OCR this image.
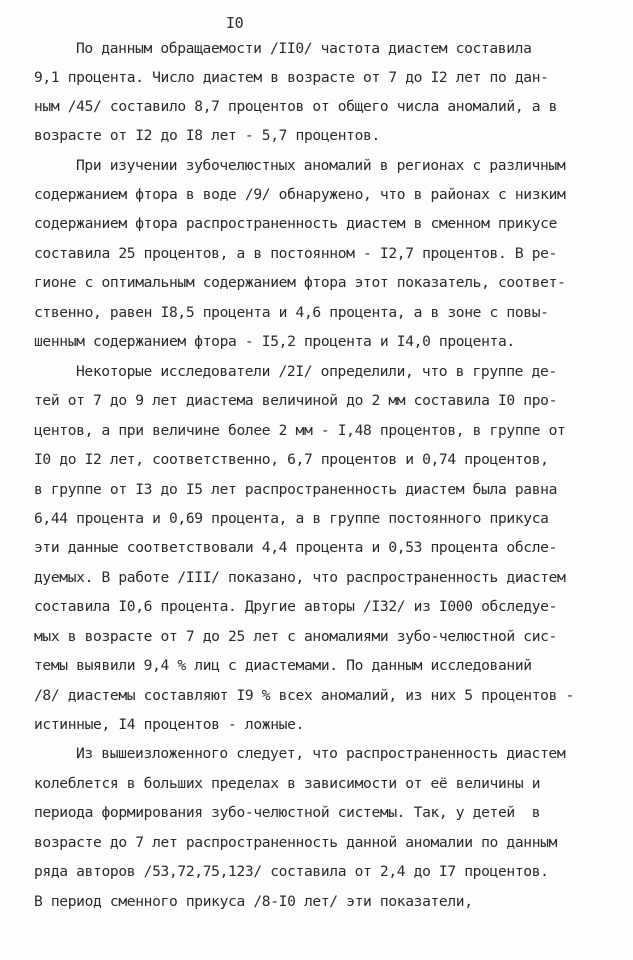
I0
По данным обращаемости /II0/ частота диастем составила
9,1 процента. Число диастем в возрасте от 7 до I2 лет по дан-
ным /45/ составило 8,7 процентов от общего числа аномалий, а в
возрасте от I2 до I8 лет - 5,7 процентов.
При изучении зубочелюстных аномалий в регионах с различным
содержанием фтора в воде /9/ обнаружено, что в районах с низким
содержанием фтора распространенность диастем в сменном прикусе
составила 25 процентов, а в постоянном - I2,7 процентов. В ре-
гионе с оптимальным содержанием фтора этот показатель, соответ-
ственно, равен I8,5 процента и 4,6 процента, а в зоне с повы-
шенным содержанием фтора - I5,2 процента и I4,0 процента.
Некоторые исследователи /2I/ определили, что в группе де-
тей от 7 до 9 лет диастема величиной до 2 мм составила I0 про-
центов, а при величине более 2 мм - I,48 процентов, в группе от
I0 до I2 лет, соответственно, 6,7 процентов и 0,74 процентов,
в группе от I3 до I5 лет распространенность диастем была равна
6,44 процента и 0,69 процента, а в группе постоянного прикуса
эти данные соответствовали 4,4 процента и 0,53 процента обсле-
дуемых. В работе /III/ показано, что распространенность диастем
составила I0,6 процента. Другие авторы /I32/ из I000 обследуе-
мых в возрасте от 7 до 25 лет с аномалиями зубо-челюстной сис-
темы выявили 9,4 % лиц с диастемами. По данным исследований
/8/ диастемы составляют I9 % всех аномалий, из них 5 процентов -
истинные, I4 процентов - ложные.
Из вышеизложенного следует, что распространенность диастем
колеблется в больших пределах в зависимости от её величины и
периода формирования зубо-челюстной системы. Так, у детей  в
возрасте до 7 лет распространенность данной аномалии по данным
ряда авторов /53,72,75,123/ составила от 2,4 до I7 процентов.
В период сменного прикуса /8-I0 лет/ эти показатели,
